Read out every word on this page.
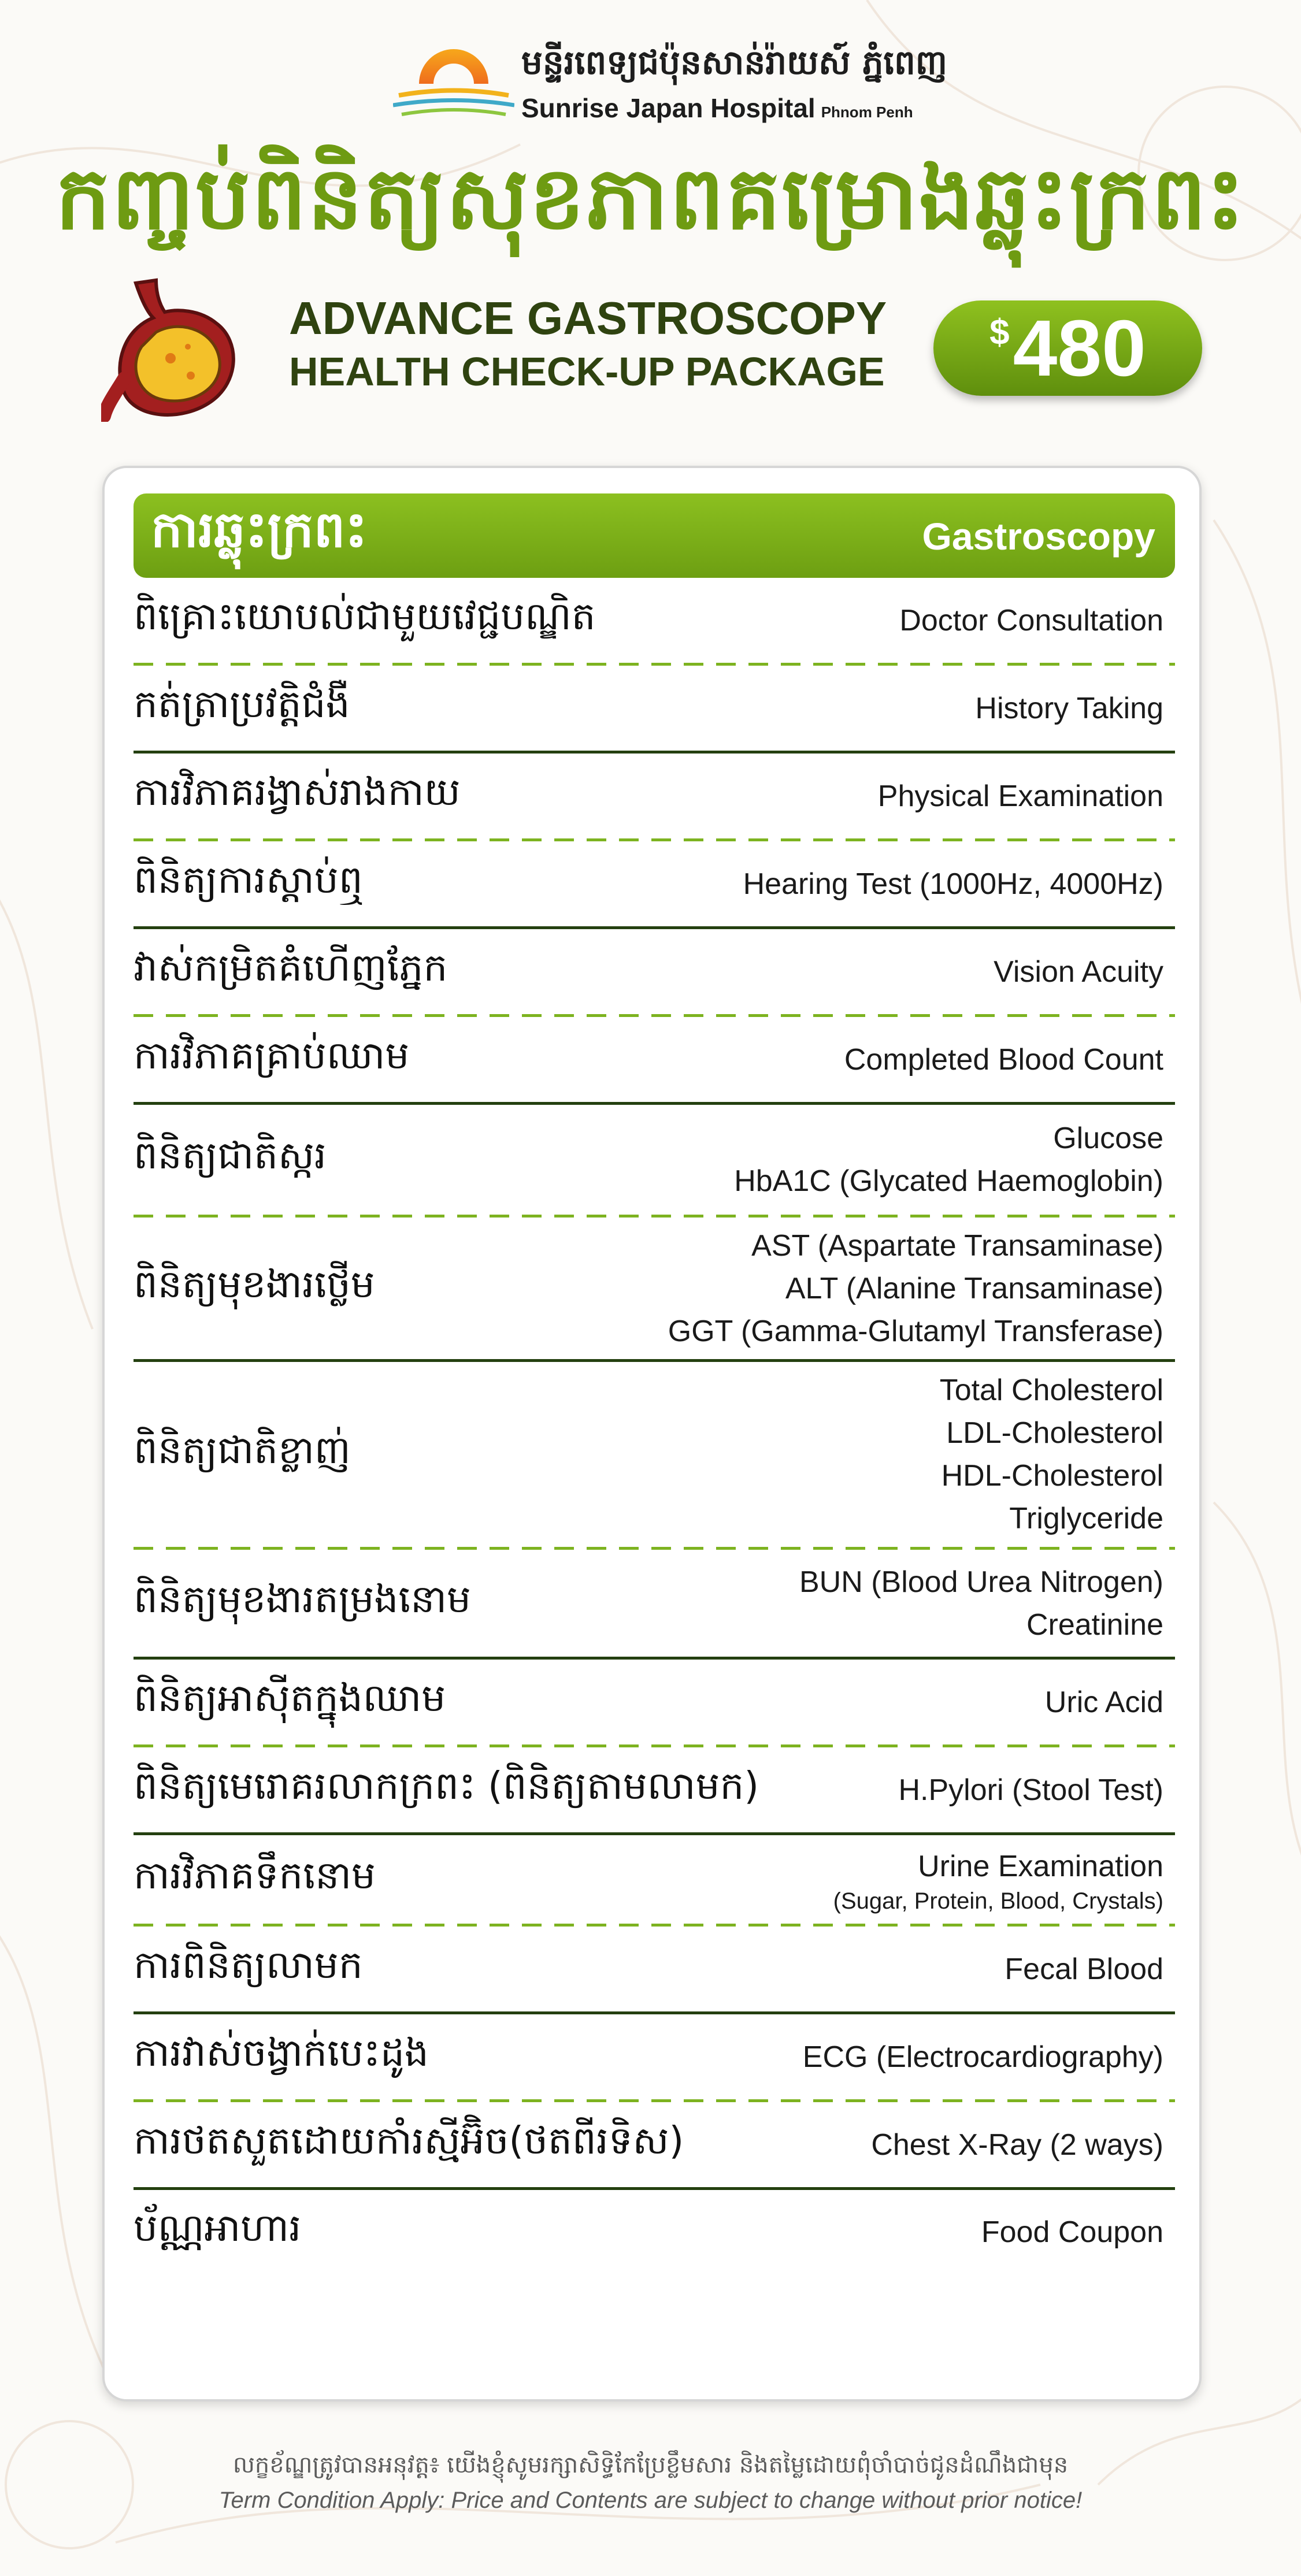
មន្ទីរពេទ្យជប៉ុនសាន់រ៉ាយស៍ ភ្នំពេញ
Sunrise Japan Hospital Phnom Penh
កញ្ចប់ពិនិត្យសុខភាពគម្រោងឆ្លុះក្រពះ
ADVANCE GASTROSCOPY
HEALTH CHECK-UP PACKAGE
$ 480
ការឆ្លុះក្រពះ	Gastroscopy
ពិគ្រោះយោបល់ជាមួយវេជ្ជបណ្ឌិត	Doctor Consultation
កត់ត្រាប្រវត្តិជំងឺ	History Taking
ការវិភាគរង្វាស់រាងកាយ	Physical Examination
ពិនិត្យការស្តាប់ឮ	Hearing Test (1000Hz, 4000Hz)
វាស់កម្រិតគំហើញភ្នែក	Vision Acuity
ការវិភាគគ្រាប់ឈាម	Completed Blood Count
ពិនិត្យជាតិស្ករ	Glucose
HbA1C (Glycated Haemoglobin)
ពិនិត្យមុខងារថ្លើម
AST (Aspartate Transaminase)
ALT (Alanine Transaminase)
GGT (Gamma-Glutamyl Transferase)
ពិនិត្យជាតិខ្លាញ់
Total Cholesterol
LDL-Cholesterol
HDL-Cholesterol
Triglyceride
ពិនិត្យមុខងារតម្រងនោម	BUN (Blood Urea Nitrogen)
Creatinine
ពិនិត្យអាស៊ីតក្នុងឈាម	Uric Acid
ពិនិត្យមេរោគរលាកក្រពះ (ពិនិត្យតាមលាមក)	H.Pylori (Stool Test)
ការវិភាគទឹកនោម	Urine Examination
(Sugar, Protein, Blood, Crystals)
ការពិនិត្យលាមក	Fecal Blood
ការវាស់ចង្វាក់បេះដូង	ECG (Electrocardiography)
ការថតសួតដោយកាំរស្មីអ៊ិច(ថតពីរទិស)	Chest X-Ray (2 ways)
ប័ណ្ណអាហារ	Food Coupon
លក្ខខ័ណ្ឌត្រូវបានអនុវត្ត៖ យើងខ្ញុំសូមរក្សាសិទ្ធិកែប្រែខ្លឹមសារ និងតម្លៃដោយពុំចាំបាច់ជូនដំណឹងជាមុន
Term Condition Apply: Price and Contents are subject to change without prior notice!
